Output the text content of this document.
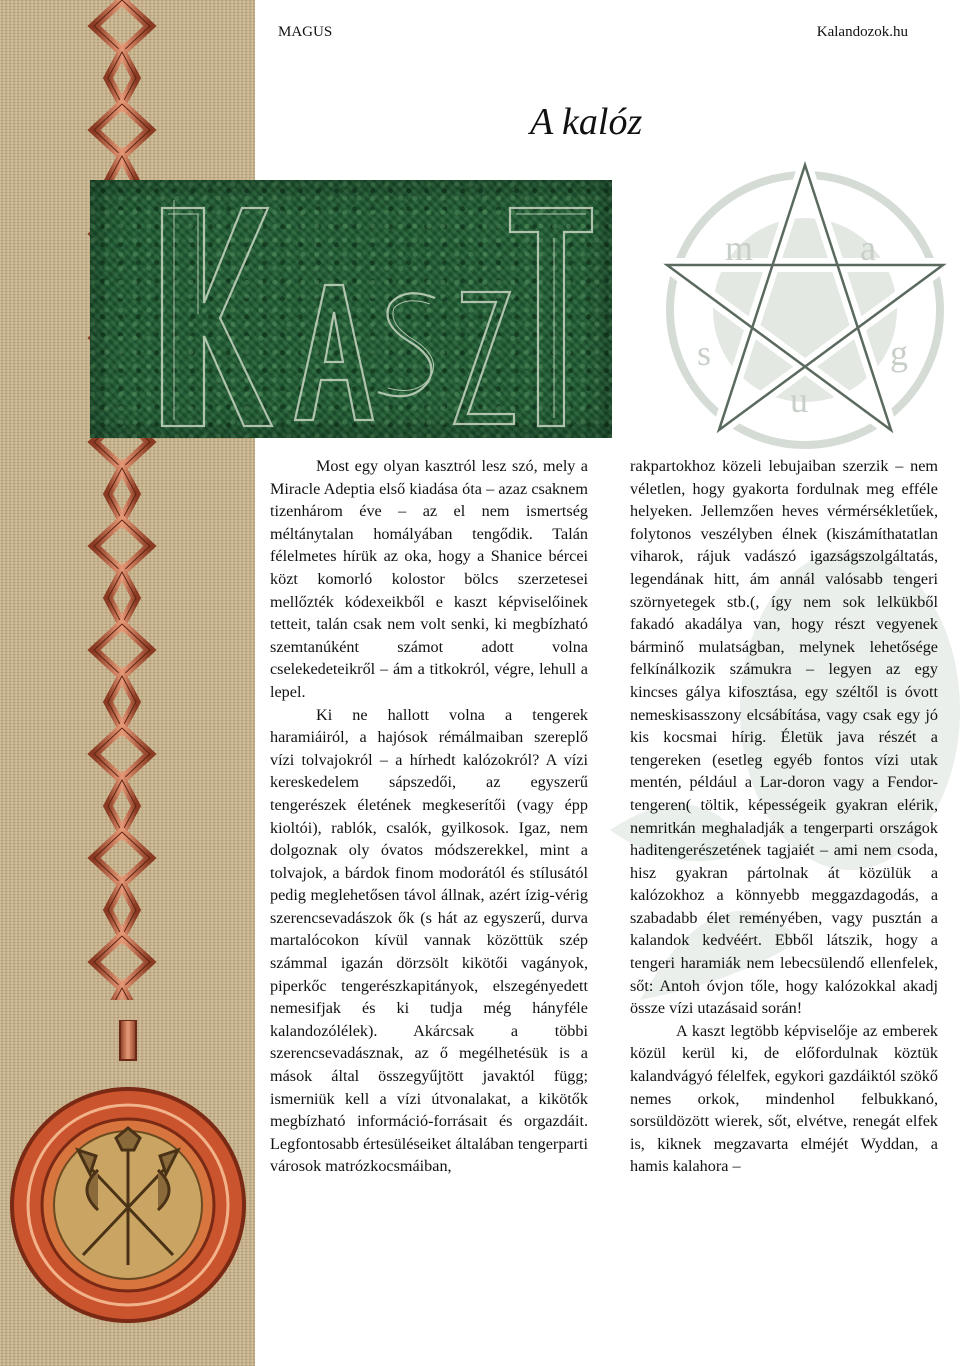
MAGUS	Kalandozok.hu
A kalóz
m	a
g
u
s

Most egy olyan kasztról lesz szó, mely a Miracle Adeptia első kiadása óta – azaz csaknem tizenhárom éve – az el nem ismertség méltánytalan homályában tengődik. Talán félelmetes hírük az oka, hogy a Shanice bércei közt komorló kolostor bölcs szerzetesei mellőzték kódexeikből e kaszt képviselőinek tetteit, talán csak nem volt senki, ki megbízható szemtanúként számot adott volna cselekedeteikről – ám a titkokról, végre, lehull a lepel.

Ki ne hallott volna a tengerek haramiáiról, a hajósok rémálmaiban szereplő vízi tolvajokról – a hírhedt kalózokról? A vízi kereskedelem sápszedői, az egyszerű tengerészek életének megkeserítői (vagy épp kioltói), rablók, csalók, gyilkosok. Igaz, nem dolgoznak oly óvatos módszerekkel, mint a tolvajok, a bárdok finom modorától és stílusától pedig meglehetősen távol állnak, azért ízig-vérig szerencsevadászok ők (s hát az egyszerű, durva martalócokon kívül vannak közöttük szép számmal igazán dörzsölt kikötői vagányok, piperkőc tengerészkapitányok, elszegényedett nemesifjak és ki tudja még hányféle kalandozólélek). Akárcsak a többi szerencsevadásznak, az ő megélhetésük is a mások által összegyűjtött javaktól függ; ismerniük kell a vízi útvonalakat, a kikötők megbízható információ-forrásait és orgazdáit. Legfontosabb értesüléseiket általában tengerparti városok matrózkocsmáiban,

rakpartokhoz közeli lebujaiban szerzik – nem véletlen, hogy gyakorta fordulnak meg efféle helyeken. Jellemzően heves vérmérsékletűek, folytonos veszélyben élnek (kiszámíthatatlan viharok, rájuk vadászó igazságszolgáltatás, legendának hitt, ám annál valósabb tengeri szörnyetegek stb.(, így nem sok lelkükből fakadó akadálya van, hogy részt vegyenek bárminő mulatságban, melynek lehetősége felkínálkozik számukra – legyen az egy kincses gálya kifosztása, egy széltől is óvott nemeskisasszony elcsábítása, vagy csak egy jó kis kocsmai hírig. Életük java részét a tengereken (esetleg egyéb fontos vízi utak mentén, például a Lar-doron vagy a Fendor-tengeren( töltik, képességeik gyakran elérik, nemritkán meghaladják a tengerparti országok haditengerészetének tagjaiét – ami nem csoda, hisz gyakran pártolnak át közülük a kalózokhoz a könnyebb meggazdagodás, a szabadabb élet reményében, vagy pusztán a kalandok kedvéért. Ebből látszik, hogy a tengeri haramiák nem lebecsülendő ellenfelek, sőt: Antoh óvjon tőle, hogy kalózokkal akadj össze vízi utazásaid során!

A kaszt legtöbb képviselője az emberek közül kerül ki, de előfordulnak köztük kalandvágyó félelfek, egykori gazdáiktól szökő nemes orkok, mindenhol felbukkanó, sorsüldözött wierek, sőt, elvétve, renegát elfek is, kiknek megzavarta elméjét Wyddan, a hamis kalahora –
